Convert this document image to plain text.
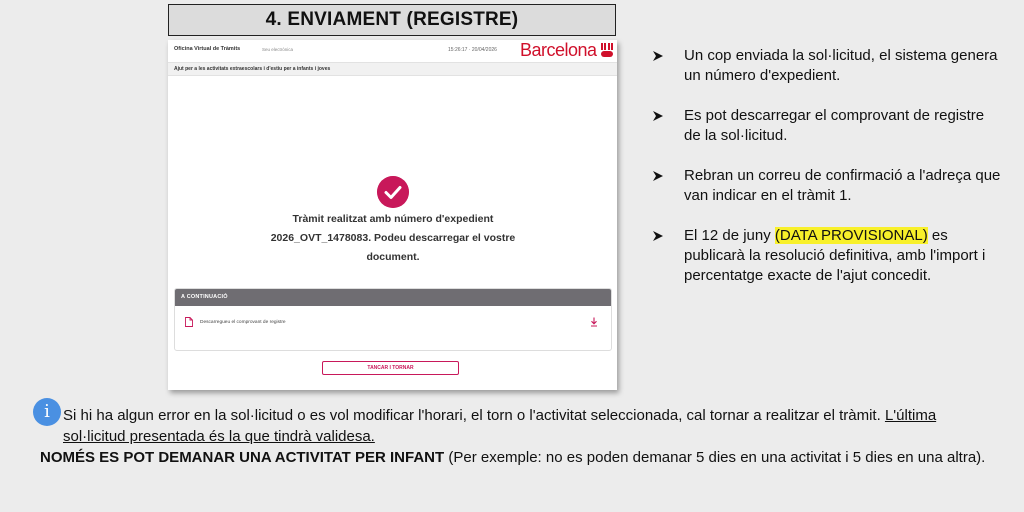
4. ENVIAMENT (REGISTRE)
Oficina Virtual de Tràmits	Seu electrònica	15:26:17 · 20/04/2026 Barcelona
Ajut per a les activitats extraescolars i d'estiu per a infants i joves
Tràmit realitzat amb número d'expedient 2026_OVT_1478083. Podeu descarregar el vostre document.
A CONTINUACIÓ
Descarregueu el comprovant de registre
TANCAR I TORNAR
Un cop enviada la sol·licitud, el sistema genera un número d'expedient.
Es pot descarregar el comprovant de registre de la sol·licitud.
Rebran un correu de confirmació a l'adreça que van indicar en el tràmit 1.
El 12 de juny (DATA PROVISIONAL) es publicarà la resolució definitiva, amb l'import i percentatge exacte de l'ajut concedit.
i Si hi ha algun error en la sol·licitud o es vol modificar l'horari, el torn o l'activitat seleccionada, cal tornar a realitzar el tràmit. L'última sol·licitud presentada és la que tindrà validesa.
NOMÉS ES POT DEMANAR UNA ACTIVITAT PER INFANT (Per exemple: no es poden demanar 5 dies en una activitat i 5 dies en una altra).
